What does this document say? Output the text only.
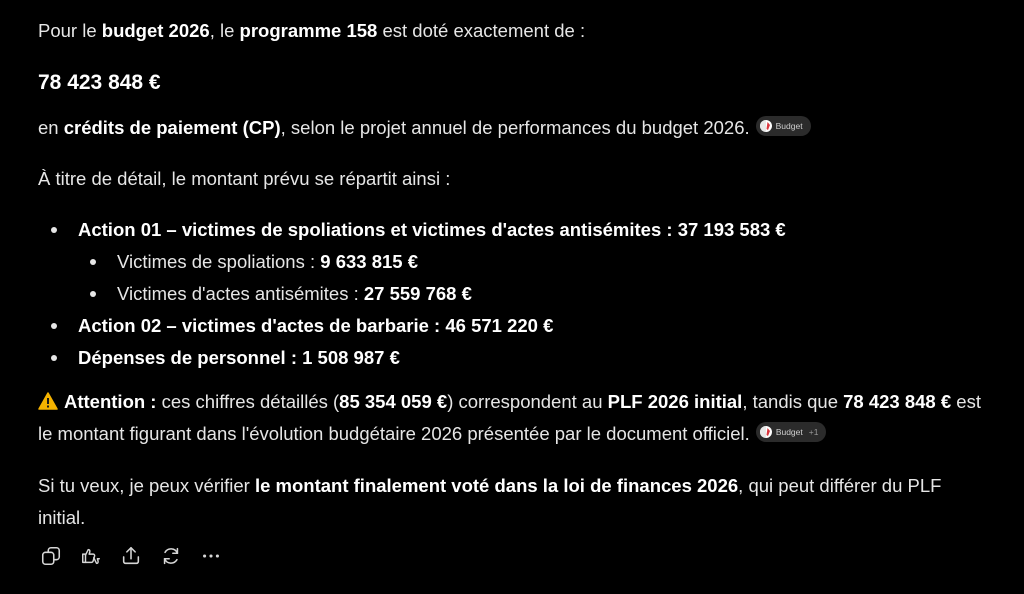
Pour le budget 2026, le programme 158 est doté exactement de :

78 423 848 €

en crédits de paiement (CP), selon le projet annuel de performances du budget 2026.	Budget

À titre de détail, le montant prévu se répartit ainsi :

Action 01 – victimes de spoliations et victimes d'actes antisémites : 37 193 583 €
Victimes de spoliations : 9 633 815 €
Victimes d'actes antisémites : 27 559 768 €
Action 02 – victimes d'actes de barbarie : 46 571 220 €
Dépenses de personnel : 1 508 987 €

Attention : ces chiffres détaillés (85 354 059 €) correspondent au PLF 2026 initial, tandis que 78 423 848 € est le montant figurant dans l'évolution budgétaire 2026 présentée par le document officiel.	Budget +1

Si tu veux, je peux vérifier le montant finalement voté dans la loi de finances 2026, qui peut différer du PLF initial.
